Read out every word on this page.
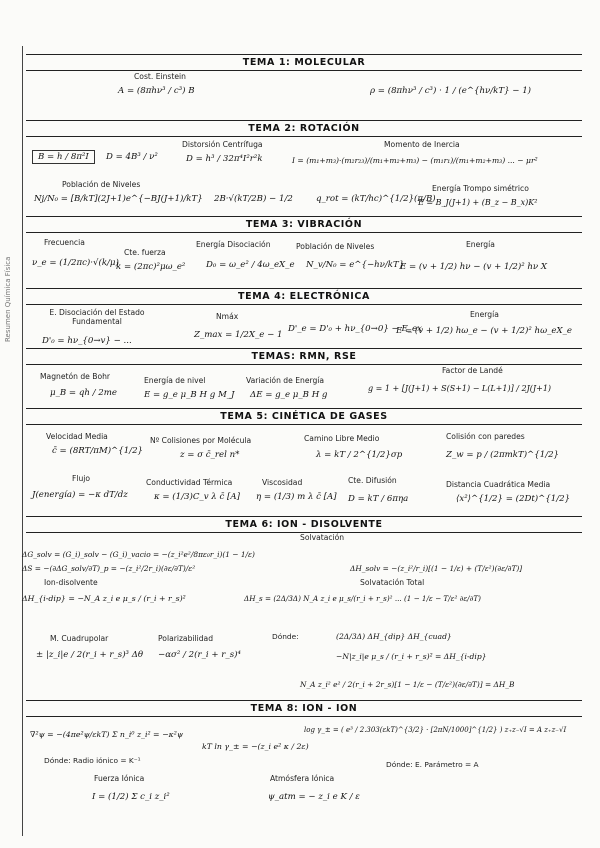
Resumen Química Física
TEMA 1: MOLECULAR
Cost. Einstein
A = (8πhν³ / c³) B	ρ = (8πhν³ / c³) · 1 / (e^{hν/kT} − 1)
TEMA 2: ROTACIÓN
B = h / 8π²I	D = 4B³ / ν²
Distorsión Centrífuga
D = h³ / 32π⁴I²r²k
Momento de Inercia
I = (m₁+m₃)·(m₂r₂₃)/(m₁+m₂+m₃) − (m₁r₁)/(m₁+m₂+m₃) ... − μr²
Población de Niveles
Nj/N₀ = [B/kT](2J+1)e^{−BJ(J+1)/kT} 2B·√(kT/2B) − 1/2	q_rot = (kT/hc)^{1/2}(π/B)
Energía Trompo simétrico
E = B_J(J+1) + (B_z − B_x)K²
TEMA 3: VIBRACIÓN
Frecuencia
ν_e = (1/2πc)·√(k/μ)
Cte. fuerza
k = (2πc)²μω_e²
Energía Disociación
D₀ = ω_e² / 4ω_eX_e
Población de Niveles
N_v/N₀ = e^{−hν/kT}
Energía
E = (v + 1/2) hν − (v + 1/2)² hν X
TEMA 4: ELECTRÓNICA
E. Disociación del Estado Fundamental
D'₀ = hν_{0→v} − ...
Nmáx
Z_max = 1/2X_e − 1
D'_e = D'₀ + hν_{0→0} − E_ex
Energía
E = (v + 1/2) hω_e − (v + 1/2)² hω_eX_e
TEMAS: RMN, RSE
Magnetón de Bohr
μ_B = qh / 2me
Energía de nivel
E = g_e μ_B H g M_J
Variación de Energía
ΔE = g_e μ_B H g
Factor de Landé
g = 1 + [J(J+1) + S(S+1) − L(L+1)] / 2J(J+1)
TEMA 5: CINÉTICA DE GASES
Velocidad Media
c̄ = (8RT/πM)^{1/2}
Nº Colisiones por Molécula
z = σ c̄_rel n*
Camino Libre Medio
λ = kT / 2^{1/2}σp
Colisión con paredes
Z_w = p / (2πmkT)^{1/2}
Flujo
J(energía) = −κ dT/dz
Conductividad Térmica
κ = (1/3)C_v λ c̄ [A]
Viscosidad
η = (1/3) m λ c̄ [A]
Cte. Difusión
D = kT / 6πηa
Distancia Cuadrática Media
⟨x²⟩^{1/2} = (2Dt)^{1/2}
TEMA 6: ION - DISOLVENTE
Solvatación
ΔG_solv = (G_i)_solv − (G_i)_vacio = −(z_i²e²/8πε₀r_i)(1 − 1/ε)
ΔS = −(∂ΔG_solv/∂T)_p = −(z_i²/2r_i)(∂ε/∂T)/ε²	ΔH_solv = −(z_i²/r_i)[(1 − 1/ε) + (T/ε²)(∂ε/∂T)]
Ion-disolvente
ΔH_{i-dip} = −N_A z_i e μ_s / (r_i + r_s)²
Solvatación Total
ΔH_s = (2Δ/3Δ) N_A z_i e μ_s/(r_i + r_s)² ... (1 − 1/ε − T/ε² ∂ε/∂T)
M. Cuadrupolar
± |z_i|e / 2(r_i + r_s)³ Δθ
Polarizabilidad
−ασ² / 2(r_i + r_s)⁴
Dónde:	(2Δ/3Δ) ΔH_{dip} ΔH_{cuad}
−N|z_i|e μ_s / (r_i + r_s)² = ΔH_{i-dip}
N_A z_i² e² / 2(r_i + 2r_s)[1 − 1/ε − (T/ε²)(∂ε/∂T)] = ΔH_B
TEMA 8: ION - ION
∇²ψ = −(4πe²ψ/εkT) Σ n_i⁰ z_i² = −κ²ψ
Dónde: Radio iónico = K⁻¹
kT ln γ_± = −(z_i e² κ / 2ε)
log γ_± = ( e³ / 2.303(εkT)^{3/2} · [2πN/1000]^{1/2} ) z₊z₋√I = A z₊z₋√I
Dónde: E. Parámetro = A
Fuerza Iónica
I = (1/2) Σ c_i z_i²
Atmósfera Iónica
ψ_atm = − z_i e K / ε
